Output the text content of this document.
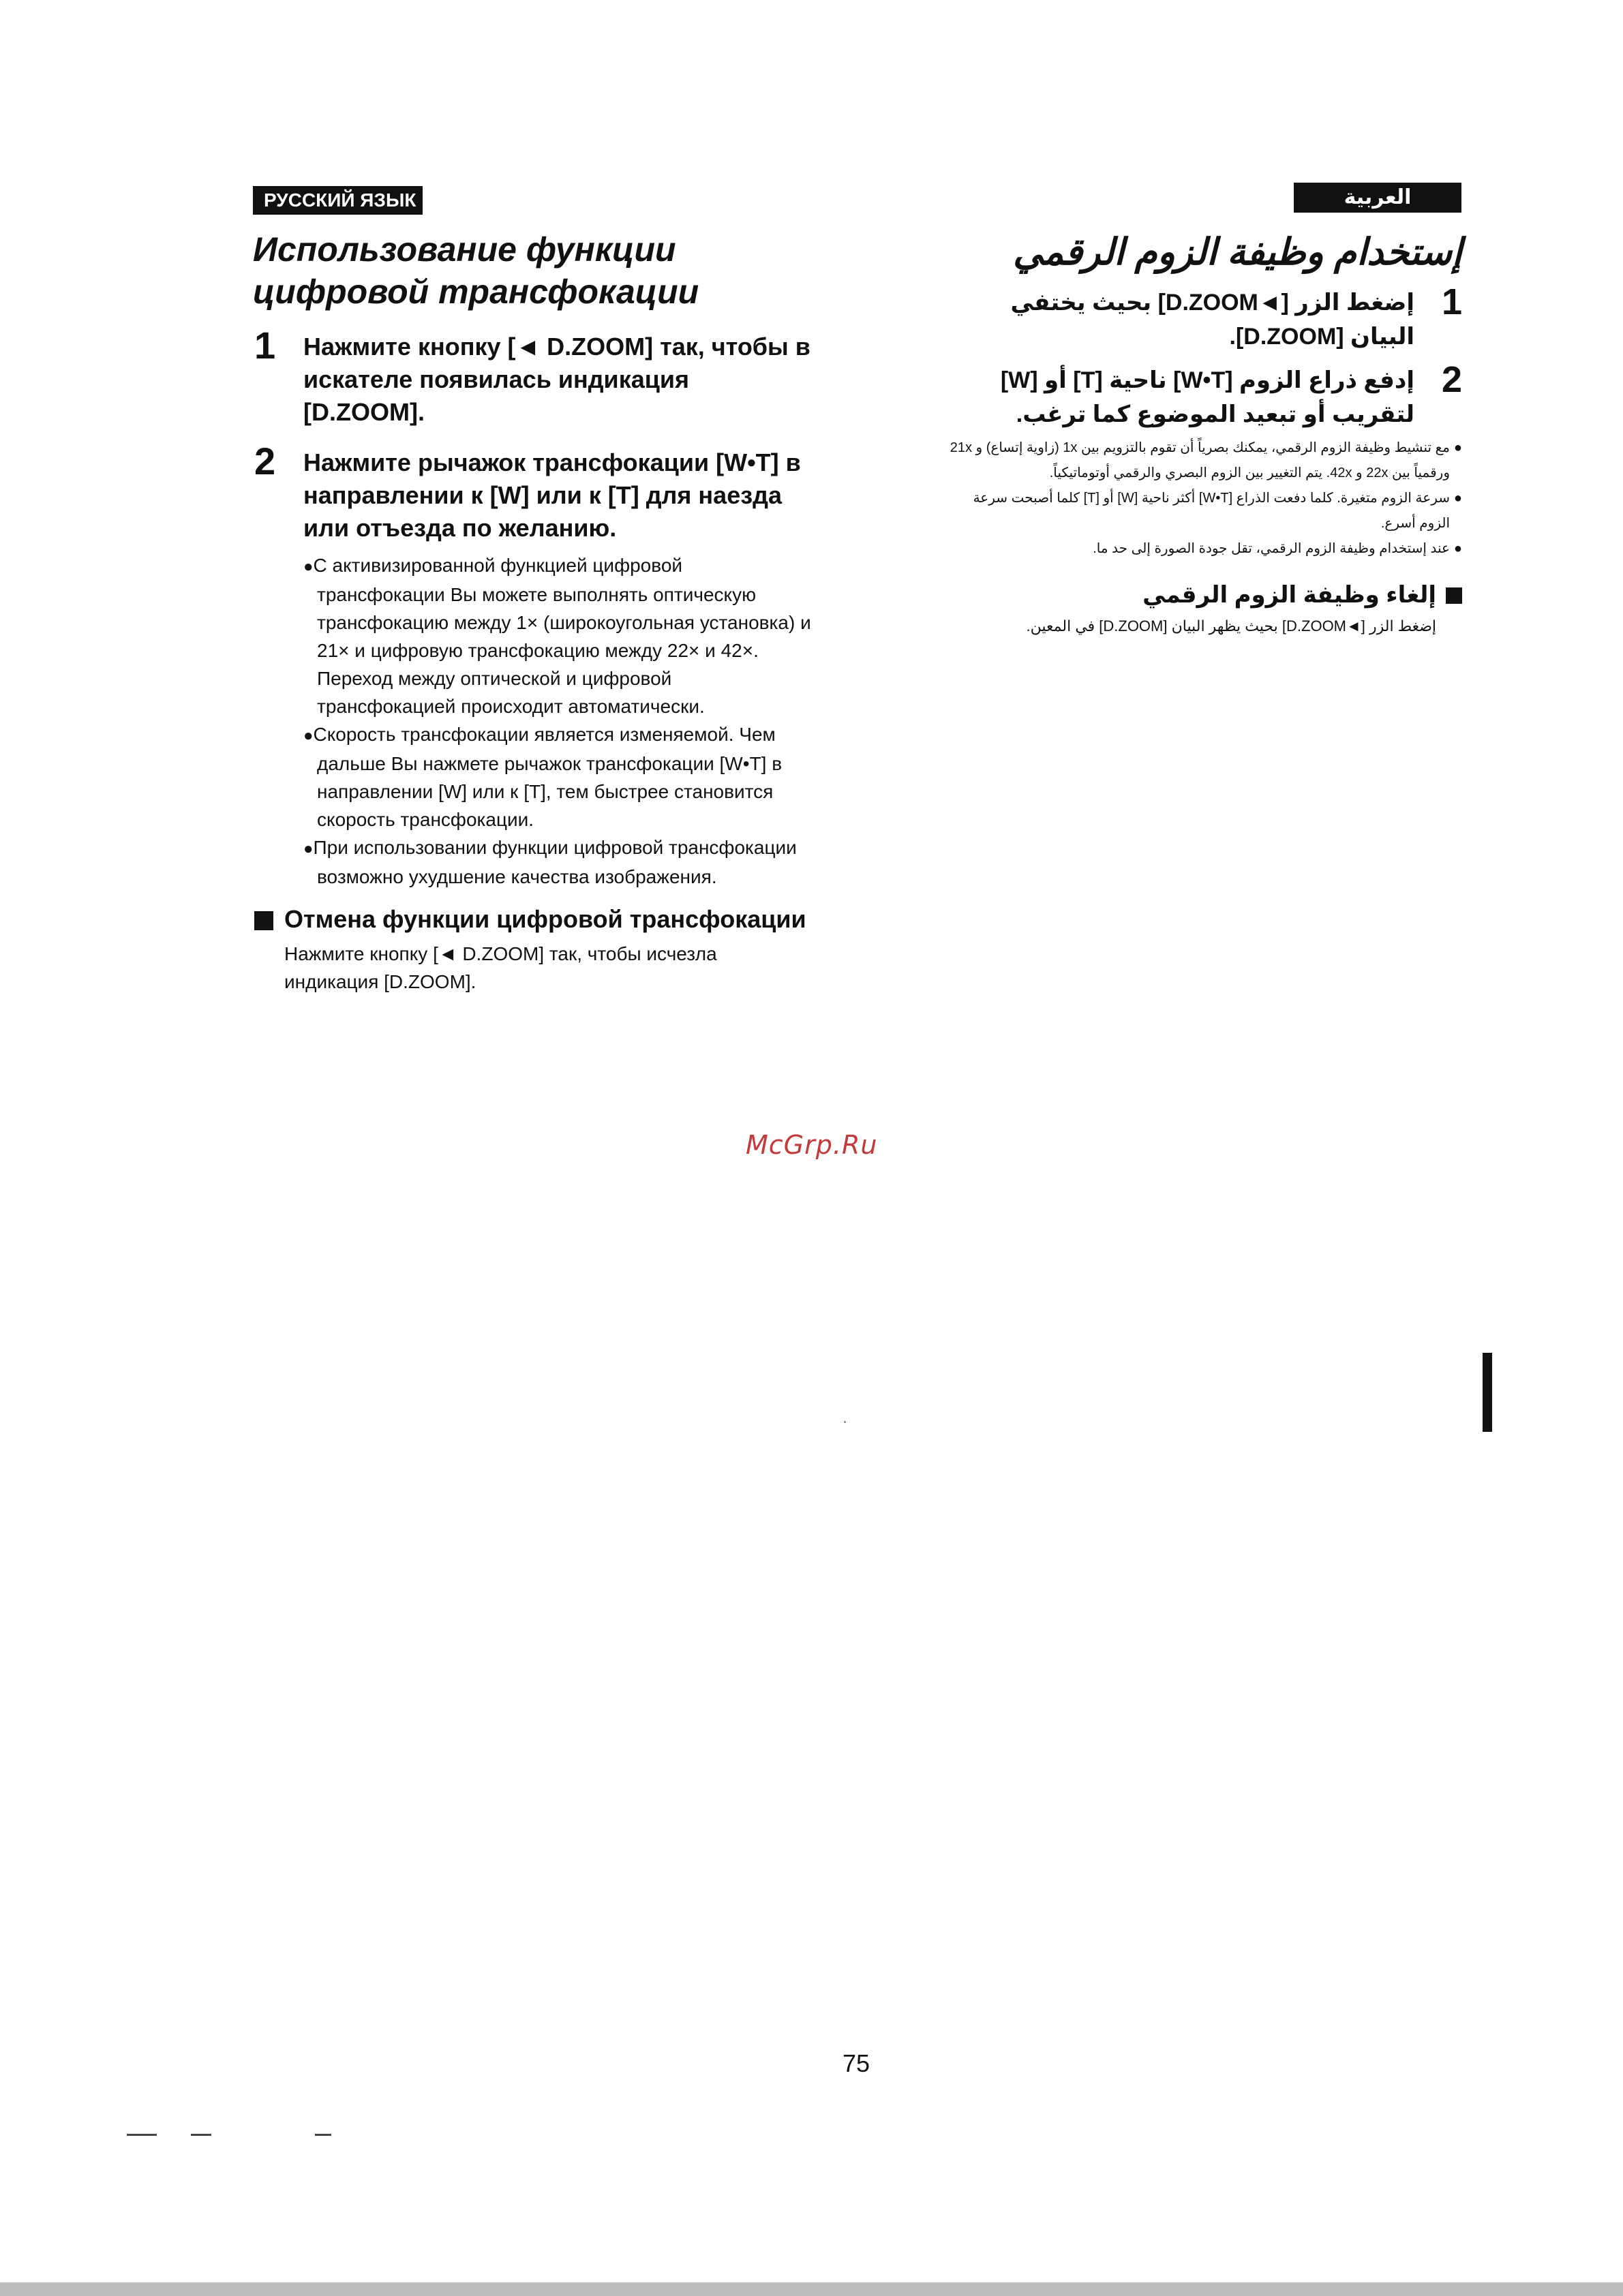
РУССКИЙ ЯЗЫК	العربية
Использование функции цифровой трансфокации
1 Нажмите кнопку [◄ D.ZOOM] так, чтобы в искателе появилась индикация [D.ZOOM].
2 Нажмите рычажок трансфокации [W•T] в направлении к [W] или к [T] для наезда или отъезда по желанию.
●С активизированной функцией цифровой трансфокации Вы можете выполнять оптическую трансфокацию между 1× (широкоугольная установка) и 21× и цифровую трансфокацию между 22× и 42×. Переход между оптической и цифровой трансфокацией происходит автоматически.
●Скорость трансфокации является изменяемой. Чем дальше Вы нажмете рычажок трансфокации [W•T] в направлении [W] или к [T], тем быстрее становится скорость трансфокации.
●При использовании функции цифровой трансфокации возможно ухудшение качества изображения.
Отмена функции цифровой трансфокации
Нажмите кнопку [◄ D.ZOOM] так, чтобы исчезла индикация [D.ZOOM].
إستخدام وظيفة الزوم الرقمي
1
إضغط الزر [◄D.ZOOM] بحيث يختفي البيان [D.ZOOM].
2
إدفع ذراع الزوم [W•T] ناحية [T] أو [W] لتقريب أو تبعيد الموضوع كما ترغب.
●
مع تنشيط وظيفة الزوم الرقمي، يمكنك بصرياً أن تقوم بالتزويم بين 1x (زاوية إتساع) و 21x ورقمياً بين 22x و 42x. يتم التغيير بين الزوم البصري والرقمي أوتوماتيكياً.
●
سرعة الزوم متغيرة. كلما دفعت الذراع [W•T] أكثر ناحية [W] أو [T] كلما أصبحت سرعة الزوم أسرع.
●
عند إستخدام وظيفة الزوم الرقمي، تقل جودة الصورة إلى حد ما.
إلغاء وظيفة الزوم الرقمي
إضغط الزر [◄D.ZOOM] بحيث يظهر البيان [D.ZOOM] في المعين.
McGrp.Ru
75
